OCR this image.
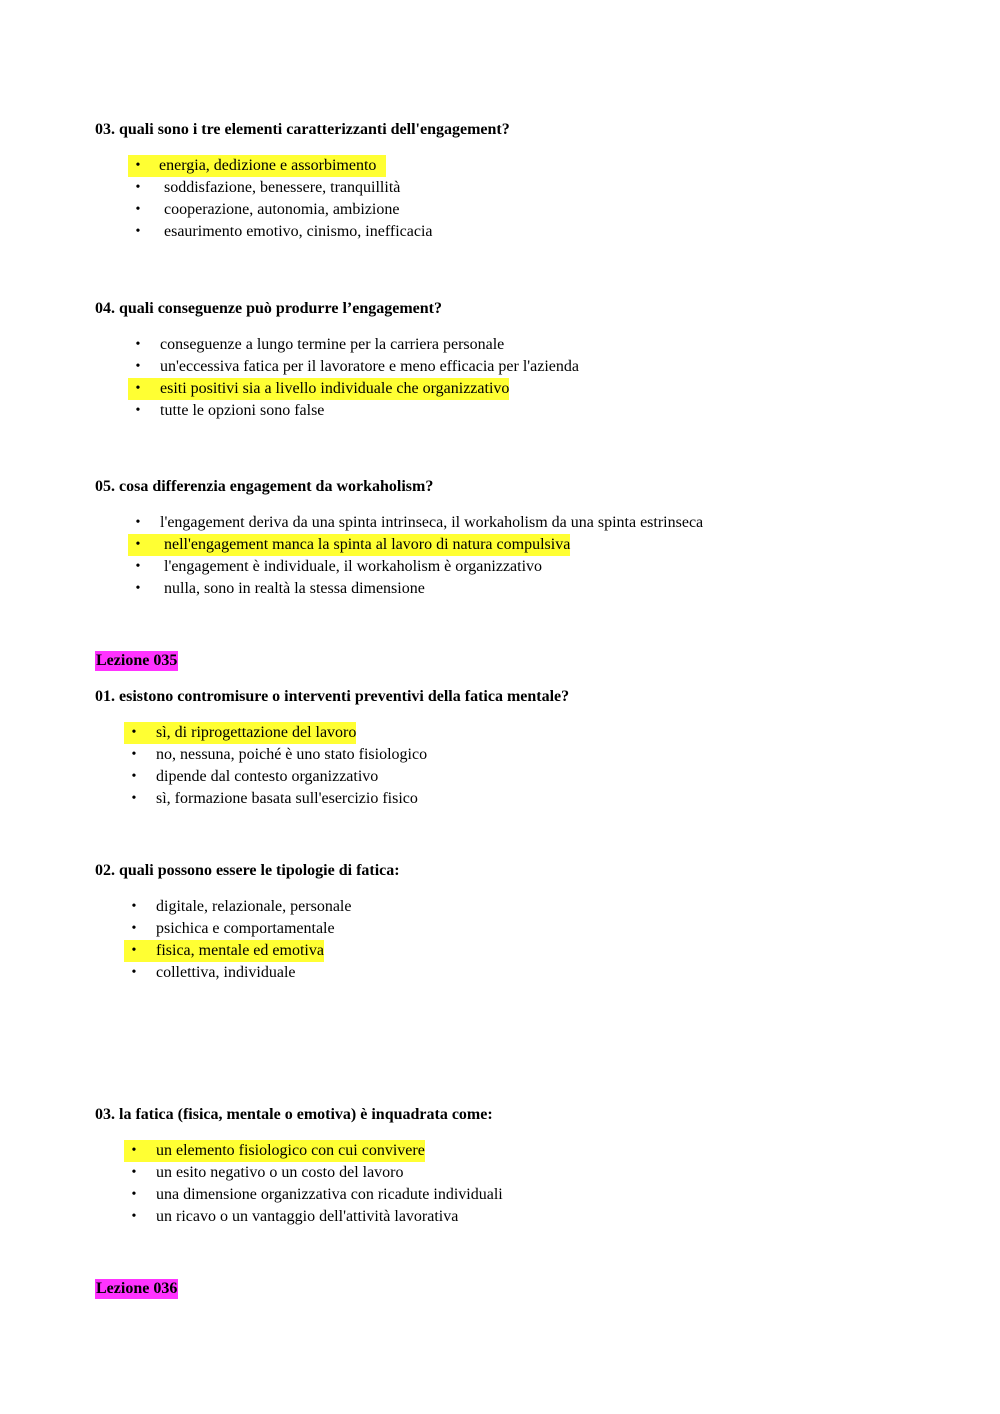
03. quali sono i tre elementi caratterizzanti dell'engagement?

•	energia, dedizione e assorbimento
•	soddisfazione, benessere, tranquillità
•	cooperazione, autonomia, ambizione
•	esaurimento emotivo, cinismo, inefficacia

04. quali conseguenze può produrre l’engagement?

•	conseguenze a lungo termine per la carriera personale
•	un'eccessiva fatica per il lavoratore e meno efficacia per l'azienda
•	esiti positivi sia a livello individuale che organizzativo
•	tutte le opzioni sono false

05. cosa differenzia engagement da workaholism?

•	l'engagement deriva da una spinta intrinseca, il workaholism da una spinta estrinseca
•	nell'engagement manca la spinta al lavoro di natura compulsiva
•	l'engagement è individuale, il workaholism è organizzativo
•	nulla, sono in realtà la stessa dimensione
Lezione 035

01. esistono contromisure o interventi preventivi della fatica mentale?

•	sì, di riprogettazione del lavoro
•	no, nessuna, poiché è uno stato fisiologico
•	dipende dal contesto organizzativo
•	sì, formazione basata sull'esercizio fisico

02. quali possono essere le tipologie di fatica:

•	digitale, relazionale, personale
•	psichica e comportamentale
•	fisica, mentale ed emotiva
•	collettiva, individuale

03. la fatica (fisica, mentale o emotiva) è inquadrata come:

•	un elemento fisiologico con cui convivere
•	un esito negativo o un costo del lavoro
•	una dimensione organizzativa con ricadute individuali
•	un ricavo o un vantaggio dell'attività lavorativa
Lezione 036
